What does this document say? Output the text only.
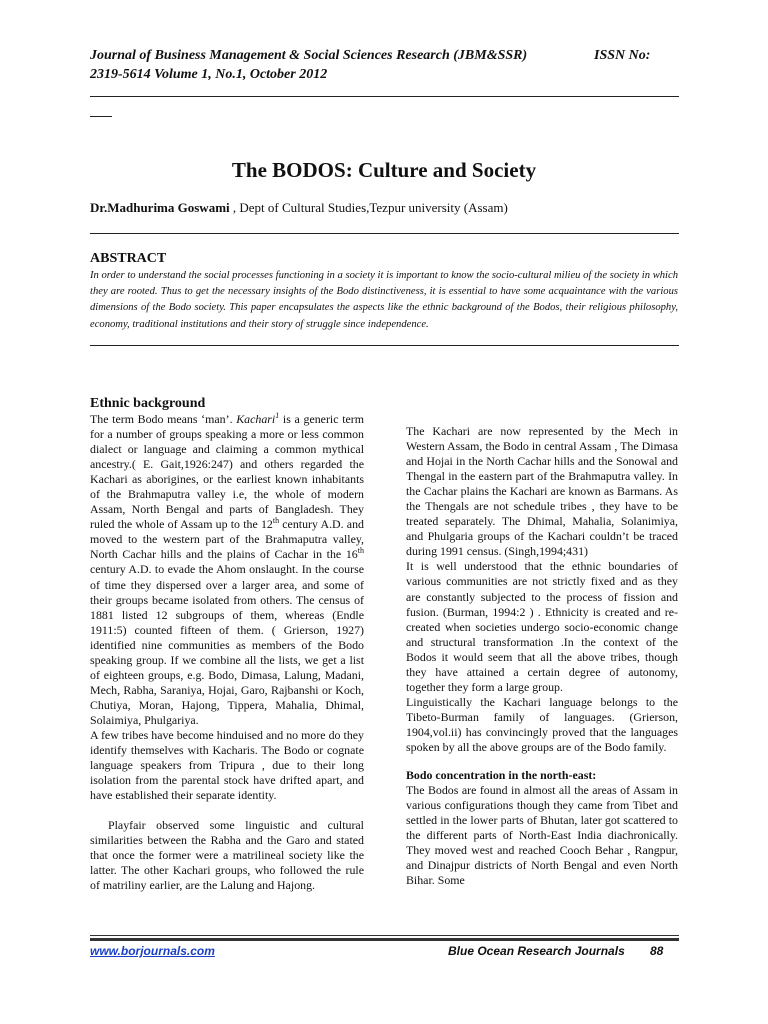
Journal of Business Management & Social Sciences Research (JBM&SSR)	ISSN No:
2319-5614 Volume 1, No.1, October 2012
The BODOS: Culture and Society
Dr.Madhurima Goswami , Dept of Cultural Studies,Tezpur university (Assam)
ABSTRACT
In order to understand the social processes functioning in a society it is important to know the socio-cultural milieu of the society in which they are rooted. Thus to get the necessary insights of the Bodo distinctiveness, it is essential to have some acquaintance with the various dimensions of the Bodo society. This paper encapsulates the aspects like the ethnic background of the Bodos, their religious philosophy, economy, traditional institutions and their story of struggle since independence.
Ethnic background

The term Bodo means ‘man’. Kachari$^1$ is a generic term for a number of groups speaking a more or less common dialect or language and claiming a common mythical ancestry.( E. Gait,1926:247) and others regarded the Kachari as aborigines, or the earliest known inhabitants of the Brahmaputra valley i.e, the whole of modern Assam, North Bengal and parts of Bangladesh. They ruled the whole of Assam up to the 12th century A.D. and moved to the western part of the Brahmaputra valley, North Cachar hills and the plains of Cachar in the 16th century A.D. to evade the Ahom onslaught. In the course of time they dispersed over a larger area, and some of their groups became isolated from others. The census of 1881 listed 12 subgroups of them, whereas (Endle 1911:5) counted fifteen of them. ( Grierson, 1927) identified nine communities as members of the Bodo speaking group. If we combine all the lists, we get a list of eighteen groups, e.g. Bodo, Dimasa, Lalung, Madani, Mech, Rabha, Saraniya, Hojai, Garo, Rajbanshi or Koch, Chutiya, Moran, Hajong, Tippera, Mahalia, Dhimal, Solaimiya, Phulgariya.

A few tribes have become hinduised and no more do they identify themselves with Kacharis. The Bodo or cognate language speakers from Tripura , due to their long isolation from the parental stock have drifted apart, and have established their separate identity.

Playfair observed some linguistic and cultural similarities between the Rabha and the Garo and stated that once the former were a matrilineal society like the latter. The other Kachari groups, who followed the rule of matriliny earlier, are the Lalung and Hajong.

The Kachari are now represented by the Mech in Western Assam, the Bodo in central Assam , The Dimasa and Hojai in the North Cachar hills and the Sonowal and Thengal in the eastern part of the Brahmaputra valley. In the Cachar plains the Kachari are known as Barmans. As the Thengals are not schedule tribes , they have to be treated separately. The Dhimal, Mahalia, Solanimiya, and Phulgaria groups of the Kachari couldn’t be traced during 1991 census. (Singh,1994;431)

It is well understood that the ethnic boundaries of various communities are not strictly fixed and as they are constantly subjected to the process of fission and fusion. (Burman, 1994:2 ) . Ethnicity is created and re-created when societies undergo socio-economic change and structural transformation .In the context of the Bodos it would seem that all the above tribes, though they have attained a certain degree of autonomy, together they form a large group.

Linguistically the Kachari language belongs to the Tibeto-Burman family of languages. (Grierson, 1904,vol.ii) has convincingly proved that the languages spoken by all the above groups are of the Bodo family.

Bodo concentration in the north-east:

The Bodos are found in almost all the areas of Assam in various configurations though they came from Tibet and settled in the lower parts of Bhutan, later got scattered to the different parts of North-East India diachronically. They moved west and reached Cooch Behar , Rangpur, and Dinajpur districts of North Bengal and even North Bihar. Some

www.borjournals.com	Blue Ocean Research Journals 88
